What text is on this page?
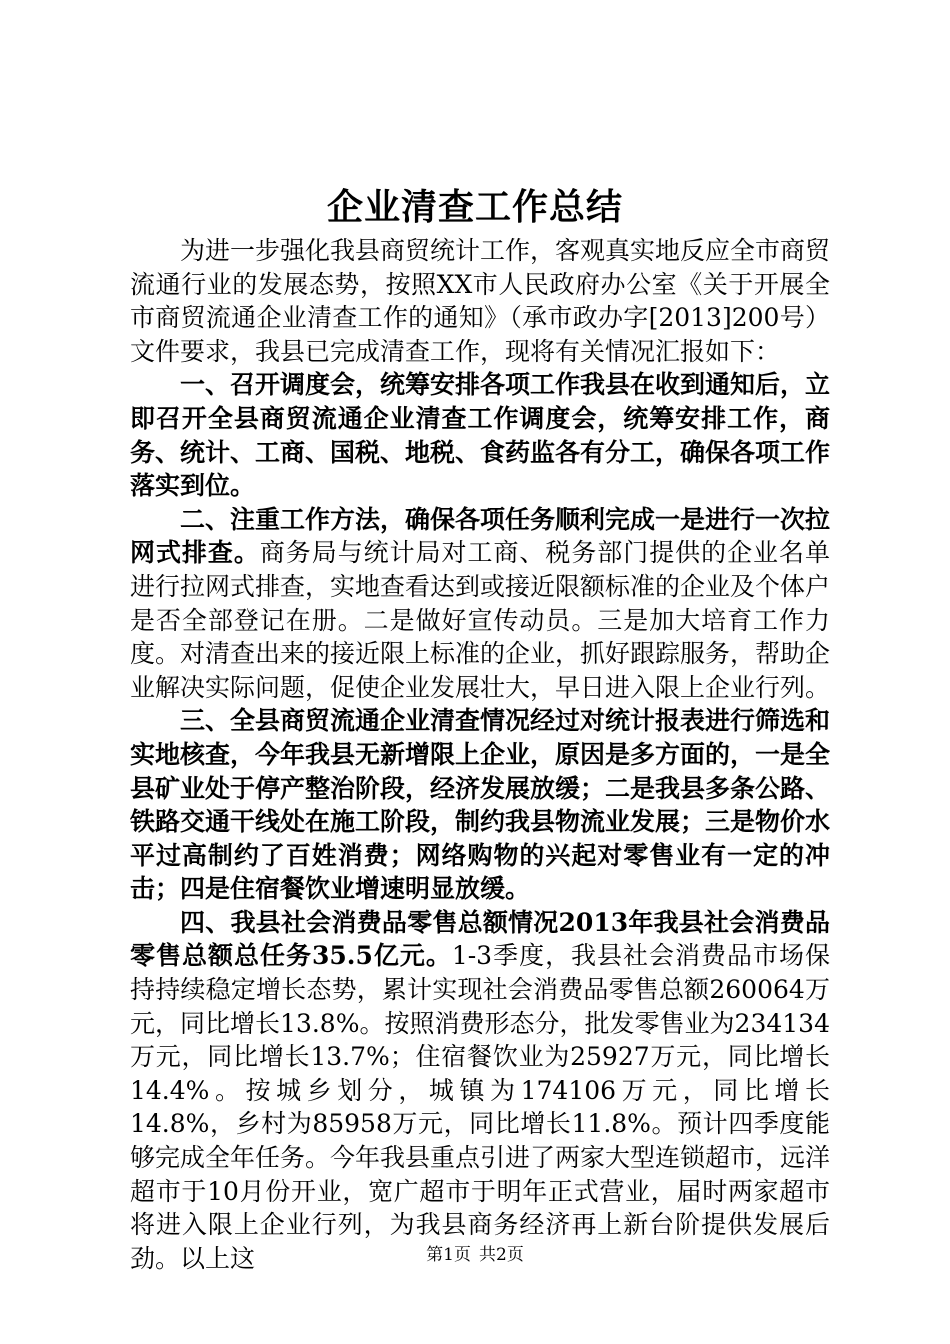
企业清查工作总结

为进一步强化我县商贸统计工作，客观真实地反应全市商贸流通行业的发展态势，按照XX市人民政府办公室《关于开展全市商贸流通企业清查工作的通知》（承市政办字[2013]200号）文件要求，我县已完成清查工作，现将有关情况汇报如下：

一、召开调度会，统筹安排各项工作我县在收到通知后，立即召开全县商贸流通企业清查工作调度会，统筹安排工作，商务、统计、工商、国税、地税、食药监各有分工，确保各项工作落实到位。

二、注重工作方法，确保各项任务顺利完成一是进行一次拉网式排查。商务局与统计局对工商、税务部门提供的企业名单进行拉网式排查，实地查看达到或接近限额标准的企业及个体户是否全部登记在册。二是做好宣传动员。三是加大培育工作力度。对清查出来的接近限上标准的企业，抓好跟踪服务，帮助企业解决实际问题，促使企业发展壮大，早日进入限上企业行列。

三、全县商贸流通企业清查情况经过对统计报表进行筛选和实地核查，今年我县无新增限上企业，原因是多方面的，一是全县矿业处于停产整治阶段，经济发展放缓；二是我县多条公路、铁路交通干线处在施工阶段，制约我县物流业发展；三是物价水平过高制约了百姓消费；网络购物的兴起对零售业有一定的冲击；四是住宿餐饮业增速明显放缓。

四、我县社会消费品零售总额情况2013年我县社会消费品零售总额总任务35.5亿元。1-3季度，我县社会消费品市场保持持续稳定增长态势，累计实现社会消费品零售总额260064万元，同比增长13.8%。按照消费形态分，批发零售业为234134万元，同比增长13.7%；住宿餐饮业为25927万元，同比增长14.4%。按城乡划分，城镇为174106万元，同比增长14.8%，乡村为85958万元，同比增长11.8%。预计四季度能够完成全年任务。今年我县重点引进了两家大型连锁超市，远洋超市于10月份开业，宽广超市于明年正式营业，届时两家超市将进入限上企业行列，为我县商务经济再上新台阶提供发展后劲。以上这	第1页 共2页
